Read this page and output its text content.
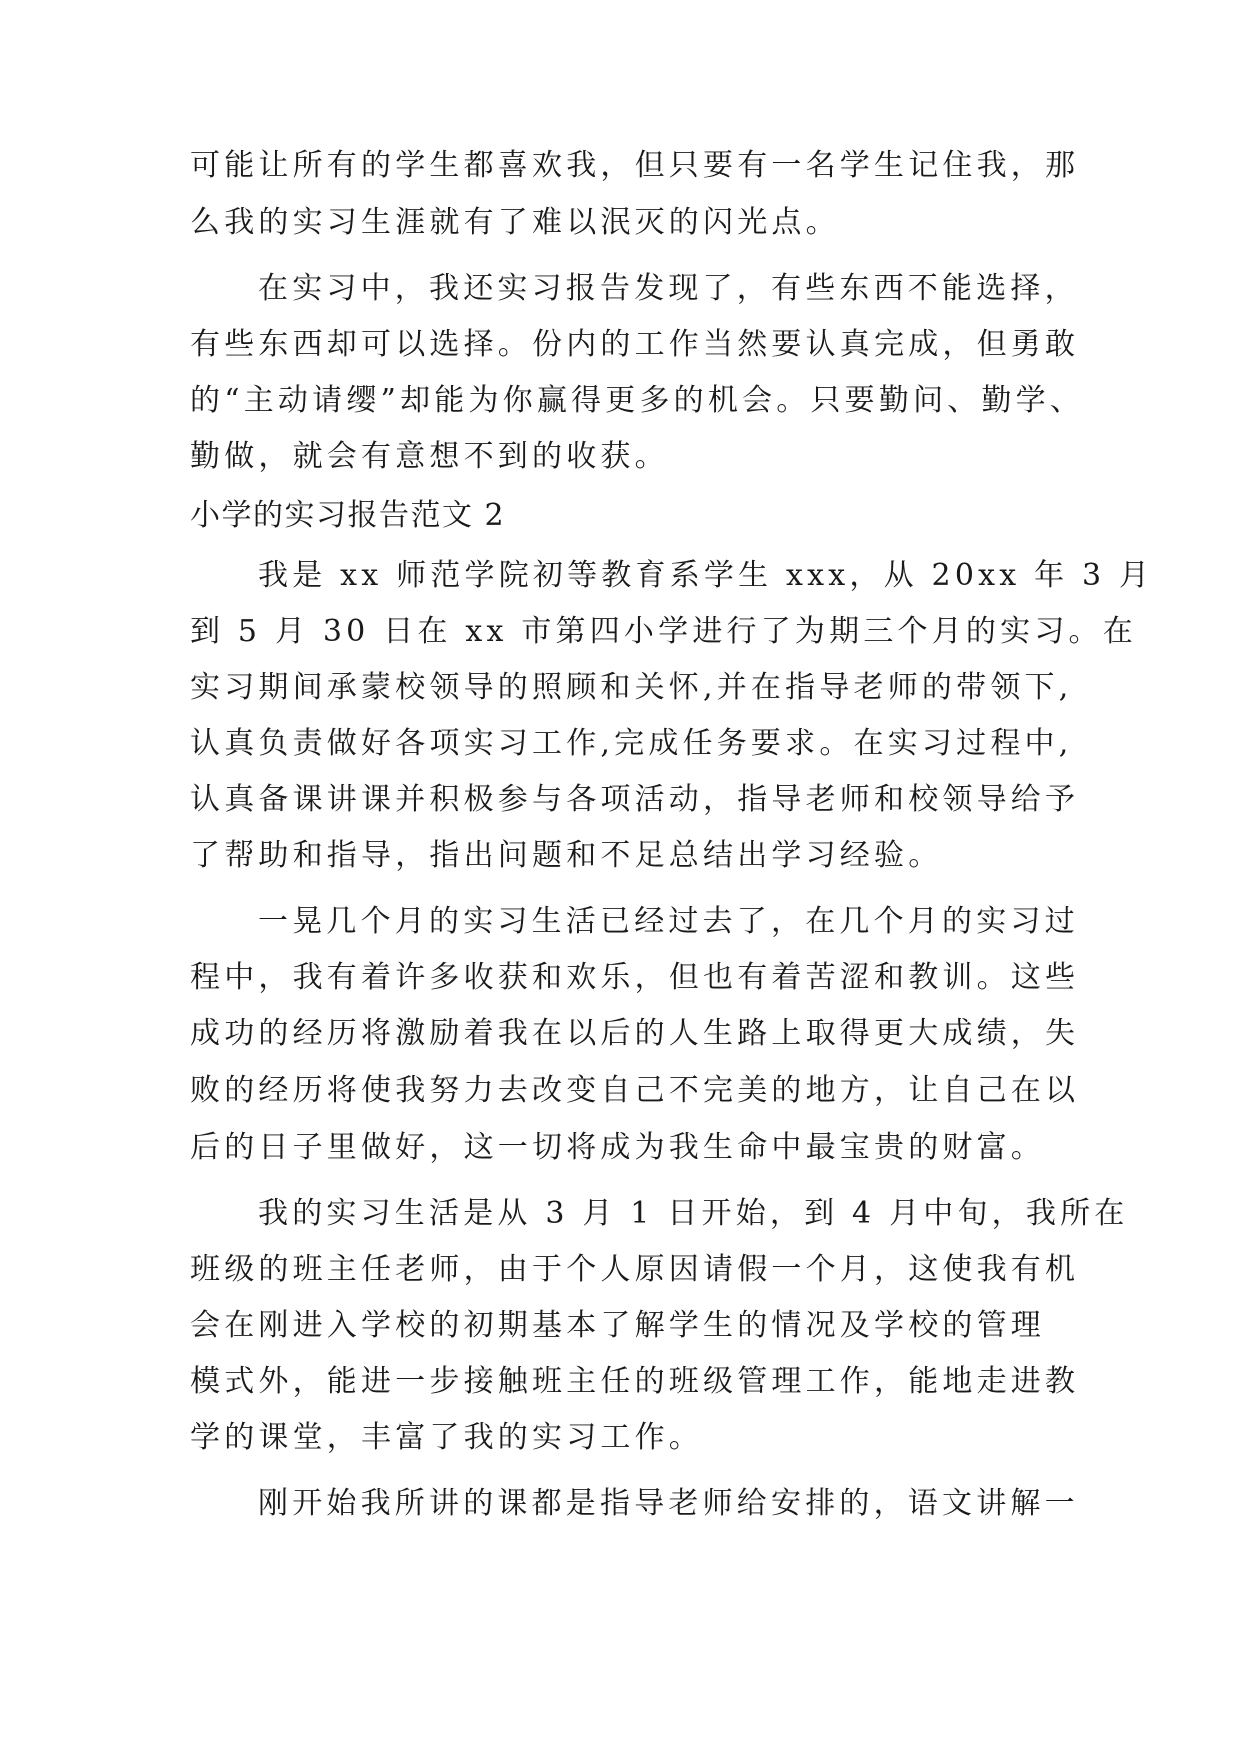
可能让所有的学生都喜欢我，但只要有一名学生记住我，那
么我的实习生涯就有了难以泯灭的闪光点。
在实习中，我还实习报告发现了，有些东西不能选择，
有些东西却可以选择。份内的工作当然要认真完成，但勇敢
的“主动请缨”却能为你赢得更多的机会。只要勤问、勤学、
勤做，就会有意想不到的收获。
小学的实习报告范文 2
我是 xx 师范学院初等教育系学生 xxx，从 20xx 年 3 月
到 5 月 30 日在 xx 市第四小学进行了为期三个月的实习。在
实习期间承蒙校领导的照顾和关怀,并在指导老师的带领下,
认真负责做好各项实习工作,完成任务要求。在实习过程中,
认真备课讲课并积极参与各项活动，指导老师和校领导给予
了帮助和指导，指出问题和不足总结出学习经验。
一晃几个月的实习生活已经过去了，在几个月的实习过
程中，我有着许多收获和欢乐，但也有着苦涩和教训。这些
成功的经历将激励着我在以后的人生路上取得更大成绩，失
败的经历将使我努力去改变自己不完美的地方，让自己在以
后的日子里做好，这一切将成为我生命中最宝贵的财富。
我的实习生活是从 3 月 1 日开始，到 4 月中旬，我所在
班级的班主任老师，由于个人原因请假一个月，这使我有机
会在刚进入学校的初期基本了解学生的情况及学校的管理
模式外，能进一步接触班主任的班级管理工作，能地走进教
学的课堂，丰富了我的实习工作。
刚开始我所讲的课都是指导老师给安排的，语文讲解一
